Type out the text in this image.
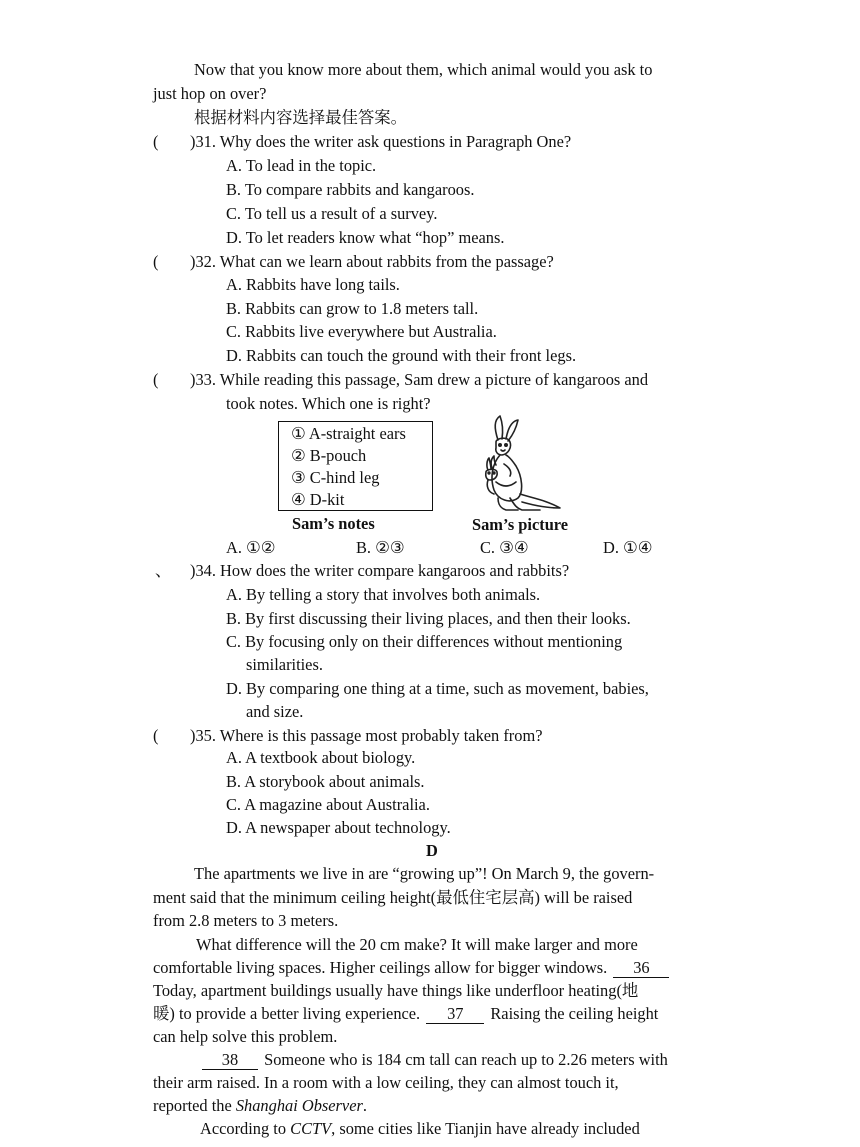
Now that you know more about them, which animal would you ask to
just hop on over?
根据材料内容选择最佳答案。
( )31. Why does the writer ask questions in Paragraph One?
A. To lead in the topic.
B. To compare rabbits and kangaroos.
C. To tell us a result of a survey.
D. To let readers know what “hop” means.
( )32. What can we learn about rabbits from the passage?
A. Rabbits have long tails.
B. Rabbits can grow to 1.8 meters tall.
C. Rabbits live everywhere but Australia.
D. Rabbits can touch the ground with their front legs.
( )33. While reading this passage, Sam drew a picture of kangaroos and
took notes. Which one is right?
① A-straight ears
② B-pouch
③ C-hind leg
④ D-kit
Sam’s notes	Sam’s picture
A. ①②	B. ②③	C. ③④	D. ①④
、 )34. How does the writer compare kangaroos and rabbits?
A. By telling a story that involves both animals.
B. By first discussing their living places, and then their looks.
C. By focusing only on their differences without mentioning
similarities.
D. By comparing one thing at a time, such as movement, babies,
and size.
( )35. Where is this passage most probably taken from?
A. A textbook about biology.
B. A storybook about animals.
C. A magazine about Australia.
D. A newspaper about technology.
D
The apartments we live in are “growing up”! On March 9, the govern-
ment said that the minimum ceiling height(最低住宅层高) will be raised
from 2.8 meters to 3 meters.
What difference will the 20 cm make? It will make larger and more
comfortable living spaces. Higher ceilings allow for bigger windows. 36
Today, apartment buildings usually have things like underfloor heating(地
暖) to provide a better living experience. 37 Raising the ceiling height
can help solve this problem.
38 Someone who is 184 cm tall can reach up to 2.26 meters with
their arm raised. In a room with a low ceiling, they can almost touch it,
reported the Shanghai Observer.
According to CCTV, some cities like Tianjin have already included
